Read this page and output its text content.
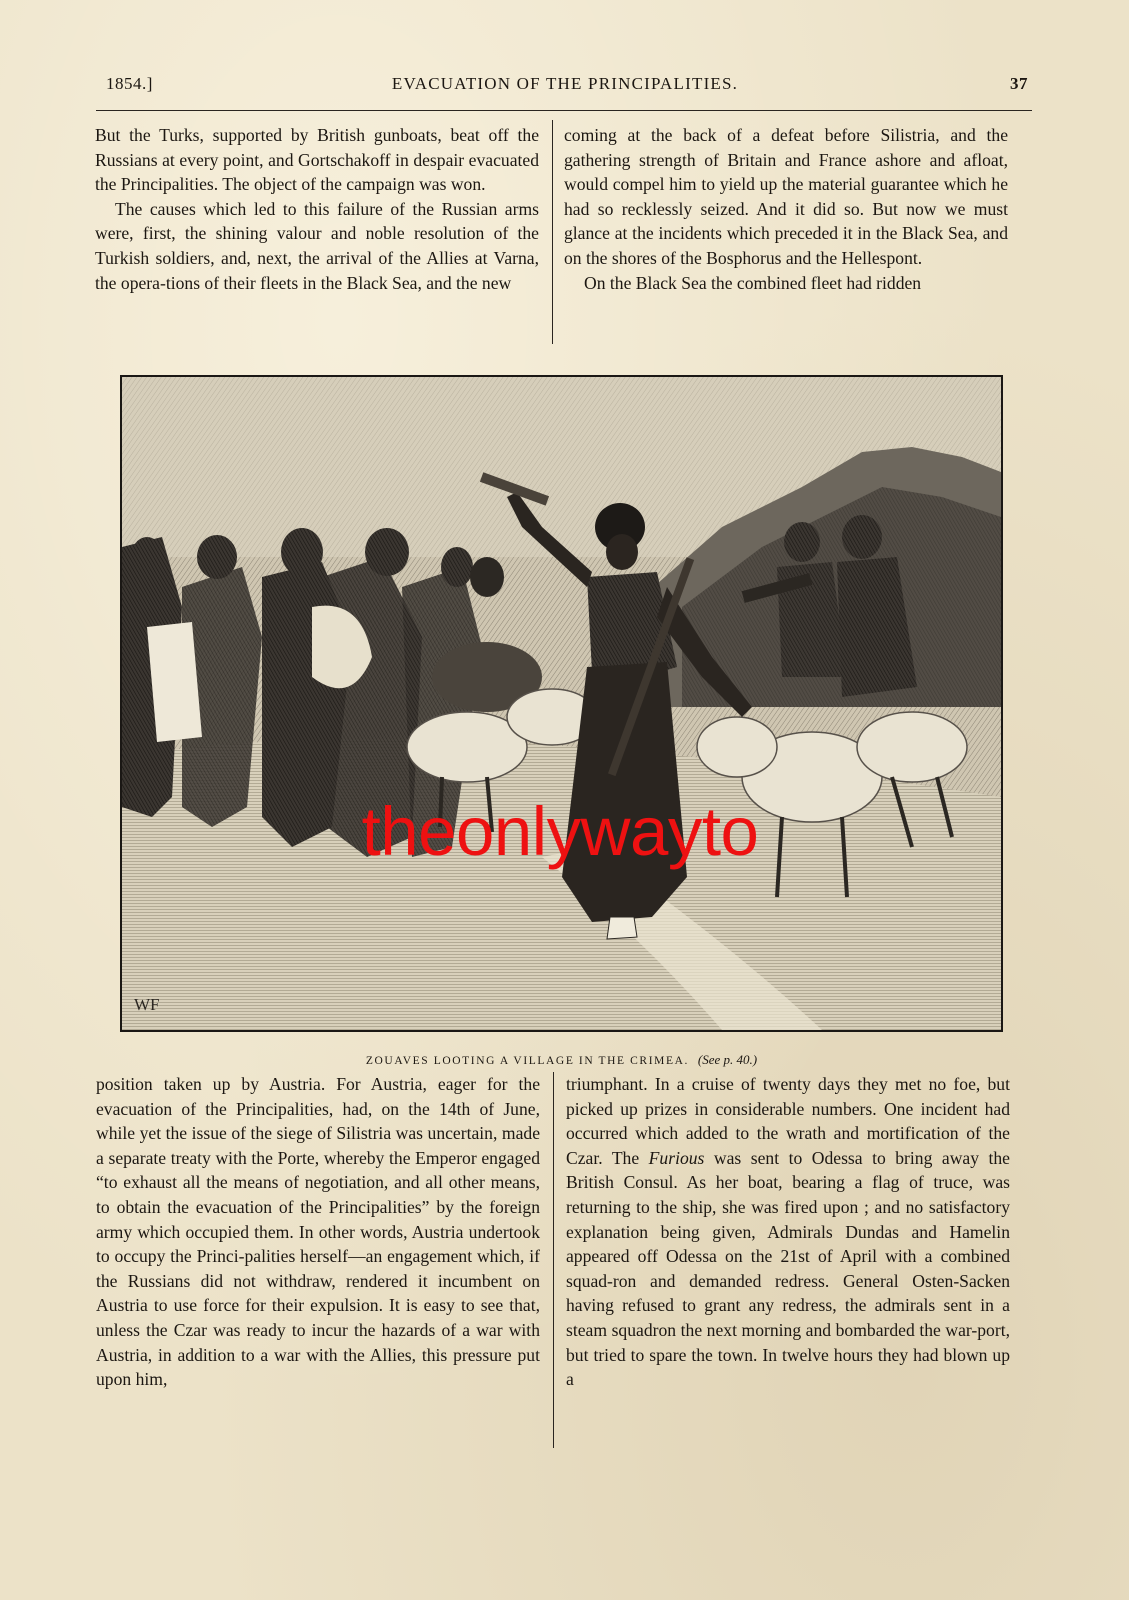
1854.]	EVACUATION OF THE PRINCIPALITIES.	37

But the Turks, supported by British gunboats, beat off the Russians at every point, and Gortschakoff in despair evacuated the Principalities. The object of the campaign was won.

The causes which led to this failure of the Russian arms were, first, the shining valour and noble resolution of the Turkish soldiers, and, next, the arrival of the Allies at Varna, the opera-tions of their fleets in the Black Sea, and the new

coming at the back of a defeat before Silistria, and the gathering strength of Britain and France ashore and afloat, would compel him to yield up the material guarantee which he had so recklessly seized. And it did so. But now we must glance at the incidents which preceded it in the Black Sea, and on the shores of the Bosphorus and the Hellespont.

On the Black Sea the combined fleet had ridden

WF
theonlywayto
ZOUAVES LOOTING A VILLAGE IN THE CRIMEA. (See p. 40.)

position taken up by Austria. For Austria, eager for the evacuation of the Principalities, had, on the 14th of June, while yet the issue of the siege of Silistria was uncertain, made a separate treaty with the Porte, whereby the Emperor engaged “to exhaust all the means of negotiation, and all other means, to obtain the evacuation of the Principalities” by the foreign army which occupied them. In other words, Austria undertook to occupy the Princi-palities herself—an engagement which, if the Russians did not withdraw, rendered it incumbent on Austria to use force for their expulsion. It is easy to see that, unless the Czar was ready to incur the hazards of a war with Austria, in addition to a war with the Allies, this pressure put upon him,

triumphant. In a cruise of twenty days they met no foe, but picked up prizes in considerable numbers. One incident had occurred which added to the wrath and mortification of the Czar. The Furious was sent to Odessa to bring away the British Consul. As her boat, bearing a flag of truce, was returning to the ship, she was fired upon ; and no satisfactory explanation being given, Admirals Dundas and Hamelin appeared off Odessa on the 21st of April with a combined squad-ron and demanded redress. General Osten-Sacken having refused to grant any redress, the admirals sent in a steam squadron the next morning and bombarded the war-port, but tried to spare the town. In twelve hours they had blown up a
